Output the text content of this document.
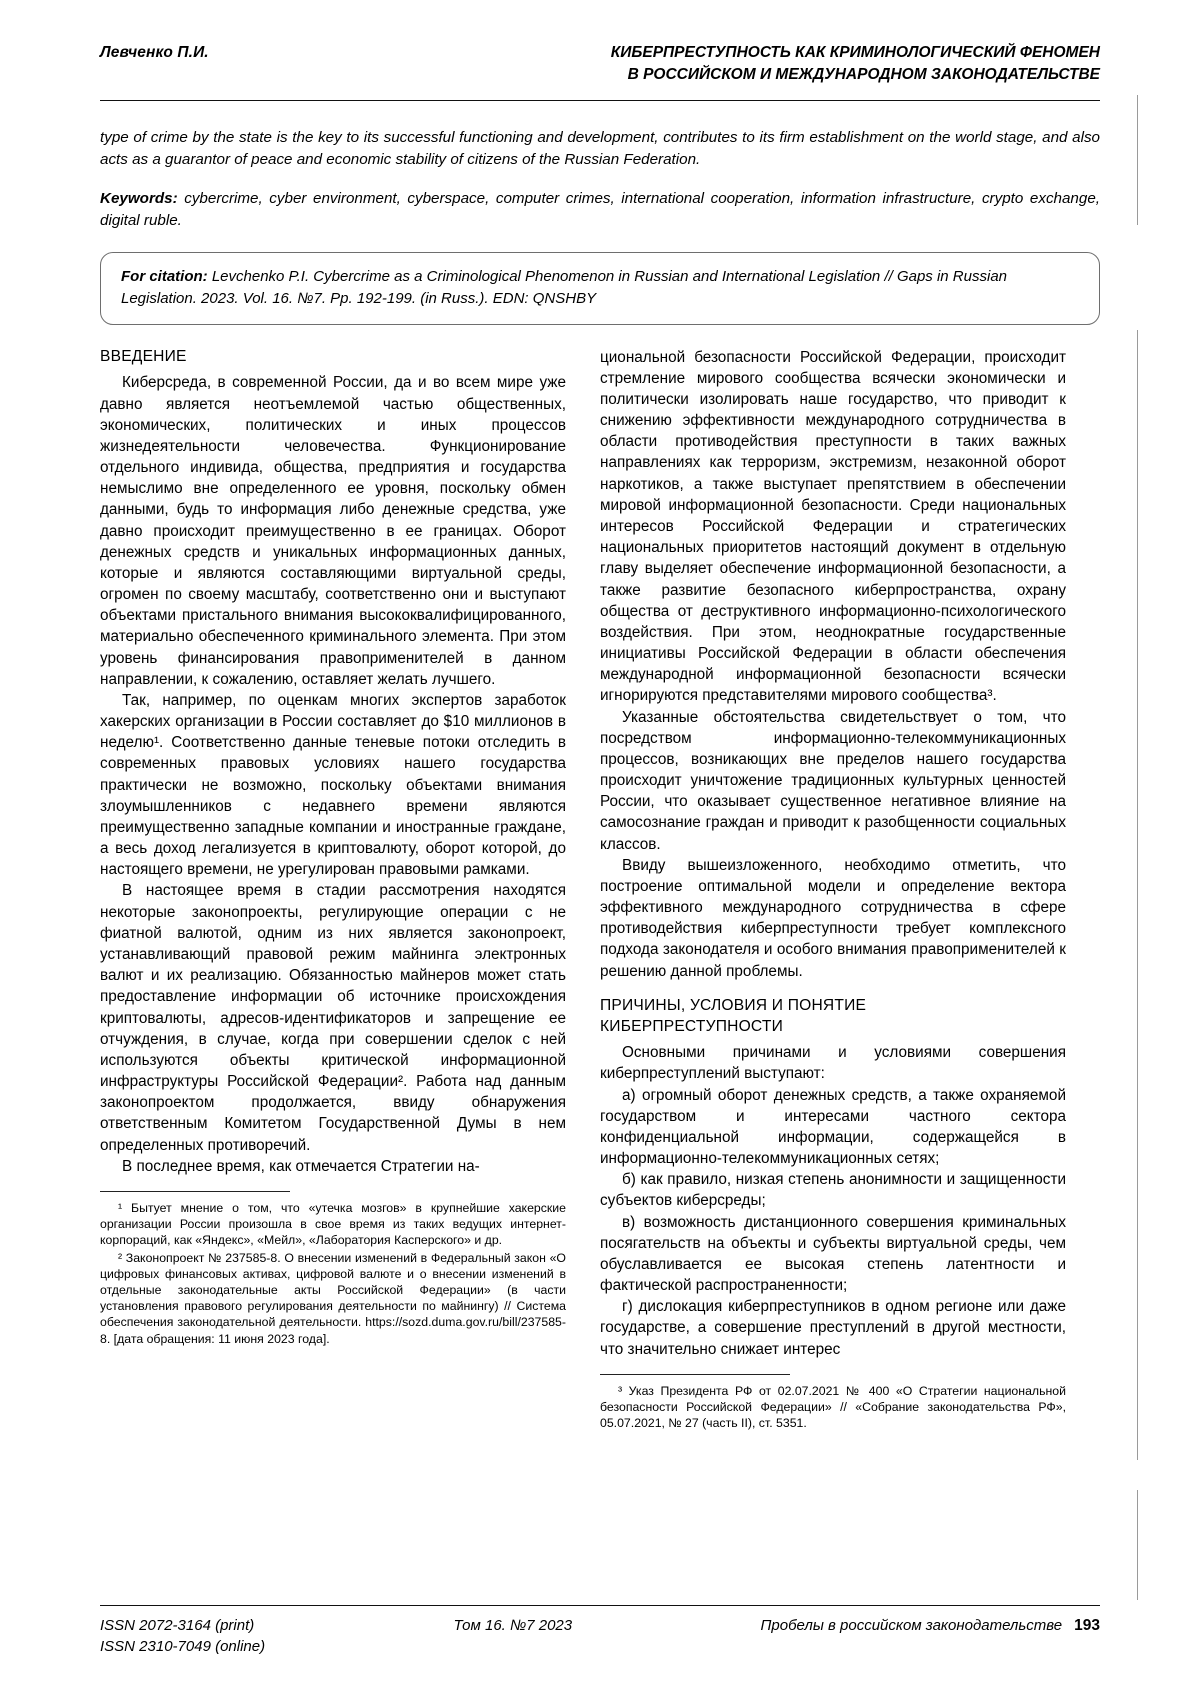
Левченко П.И.	КИБЕРПРЕСТУПНОСТЬ КАК КРИМИНОЛОГИЧЕСКИЙ ФЕНОМЕН
В РОССИЙСКОМ И МЕЖДУНАРОДНОМ ЗАКОНОДАТЕЛЬСТВЕ
type of crime by the state is the key to its successful functioning and development, contributes to its firm establishment on the world stage, and also acts as a guarantor of peace and economic stability of citizens of the Russian Federation.
Keywords: cybercrime, cyber environment, cyberspace, computer crimes, international cooperation, information infrastructure, crypto exchange, digital ruble.
For citation: Levchenko P.I. Cybercrime as a Criminological Phenomenon in Russian and International Legislation // Gaps in Russian Legislation. 2023. Vol. 16. №7. Pp. 192-199. (in Russ.). EDN: QNSHBY
ВВЕДЕНИЕ

Киберсреда, в современной России, да и во всем мире уже давно является неотъемлемой частью общественных, экономических, политических и иных процессов жизнедеятельности человечества. Функционирование отдельного индивида, общества, предприятия и государства немыслимо вне определенного ее уровня, поскольку обмен данными, будь то информация либо денежные средства, уже давно происходит преимущественно в ее границах. Оборот денежных средств и уникальных информационных данных, которые и являются составляющими виртуальной среды, огромен по своему масштабу, соответственно они и выступают объектами пристального внимания высококвалифицированного, материально обеспеченного криминального элемента. При этом уровень финансирования правоприменителей в данном направлении, к сожалению, оставляет желать лучшего.

Так, например, по оценкам многих экспертов заработок хакерских организации в России составляет до $10 миллионов в неделю¹. Соответственно данные теневые потоки отследить в современных правовых условиях нашего государства практически не возможно, поскольку объектами внимания злоумышленников с недавнего времени являются преимущественно западные компании и иностранные граждане, а весь доход легализуется в криптовалюту, оборот которой, до настоящего времени, не урегулирован правовыми рамками.

В настоящее время в стадии рассмотрения находятся некоторые законопроекты, регулирующие операции с не фиатной валютой, одним из них является законопроект, устанавливающий правовой режим майнинга электронных валют и их реализацию. Обязанностью майнеров может стать предоставление информации об источнике происхождения криптовалюты, адресов-идентификаторов и запрещение ее отчуждения, в случае, когда при совершении сделок с ней используются объекты критической информационной инфраструктуры Российской Федерации². Работа над данным законопроектом продолжается, ввиду обнаружения ответственным Комитетом Государственной Думы в нем определенных противоречий.

В последнее время, как отмечается Стратегии на-

¹ Бытует мнение о том, что «утечка мозгов» в крупнейшие хакерские организации России произошла в свое время из таких ведущих интернет-корпораций, как «Яндекс», «Мейл», «Лаборатория Касперского» и др.

² Законопроект № 237585-8. О внесении изменений в Федеральный закон «О цифровых финансовых активах, цифровой валюте и о внесении изменений в отдельные законодательные акты Российской Федерации» (в части установления правового регулирования деятельности по майнингу) // Система обеспечения законодательной деятельности. https://sozd.duma.gov.ru/bill/237585-8. [дата обращения: 11 июня 2023 года].

циональной безопасности Российской Федерации, происходит стремление мирового сообщества всячески экономически и политически изолировать наше государство, что приводит к снижению эффективности международного сотрудничества в области противодействия преступности в таких важных направлениях как терроризм, экстремизм, незаконной оборот наркотиков, а также выступает препятствием в обеспечении мировой информационной безопасности. Среди национальных интересов Российской Федерации и стратегических национальных приоритетов настоящий документ в отдельную главу выделяет обеспечение информационной безопасности, а также развитие безопасного киберпространства, охрану общества от деструктивного информационно-психологического воздействия. При этом, неоднократные государственные инициативы Российской Федерации в области обеспечения международной информационной безопасности всячески игнорируются представителями мирового сообщества³.

Указанные обстоятельства свидетельствует о том, что посредством информационно-телекоммуникационных процессов, возникающих вне пределов нашего государства происходит уничтожение традиционных культурных ценностей России, что оказывает существенное негативное влияние на самосознание граждан и приводит к разобщенности социальных классов.

Ввиду вышеизложенного, необходимо отметить, что построение оптимальной модели и определение вектора эффективного международного сотрудничества в сфере противодействия киберпреступности требует комплексного подхода законодателя и особого внимания правоприменителей к решению данной проблемы.

ПРИЧИНЫ, УСЛОВИЯ И ПОНЯТИЕ
КИБЕРПРЕСТУПНОСТИ

Основными причинами и условиями совершения киберпреступлений выступают:

а) огромный оборот денежных средств, а также охраняемой государством и интересами частного сектора конфиденциальной информации, содержащейся в информационно-телекоммуникационных сетях;

б) как правило, низкая степень анонимности и защищенности субъектов киберсреды;

в) возможность дистанционного совершения криминальных посягательств на объекты и субъекты виртуальной среды, чем обуславливается ее высокая степень латентности и фактической распространенности;

г) дислокация киберпреступников в одном регионе или даже государстве, а совершение преступлений в другой местности, что значительно снижает интерес

³ Указ Президента РФ от 02.07.2021 № 400 «О Стратегии национальной безопасности Российской Федерации» // «Собрание законодательства РФ», 05.07.2021, № 27 (часть II), ст. 5351.

ISSN 2072-3164 (print)
ISSN 2310-7049 (online)
Том 16. №7 2023	Пробелы в российском законодательстве 193
